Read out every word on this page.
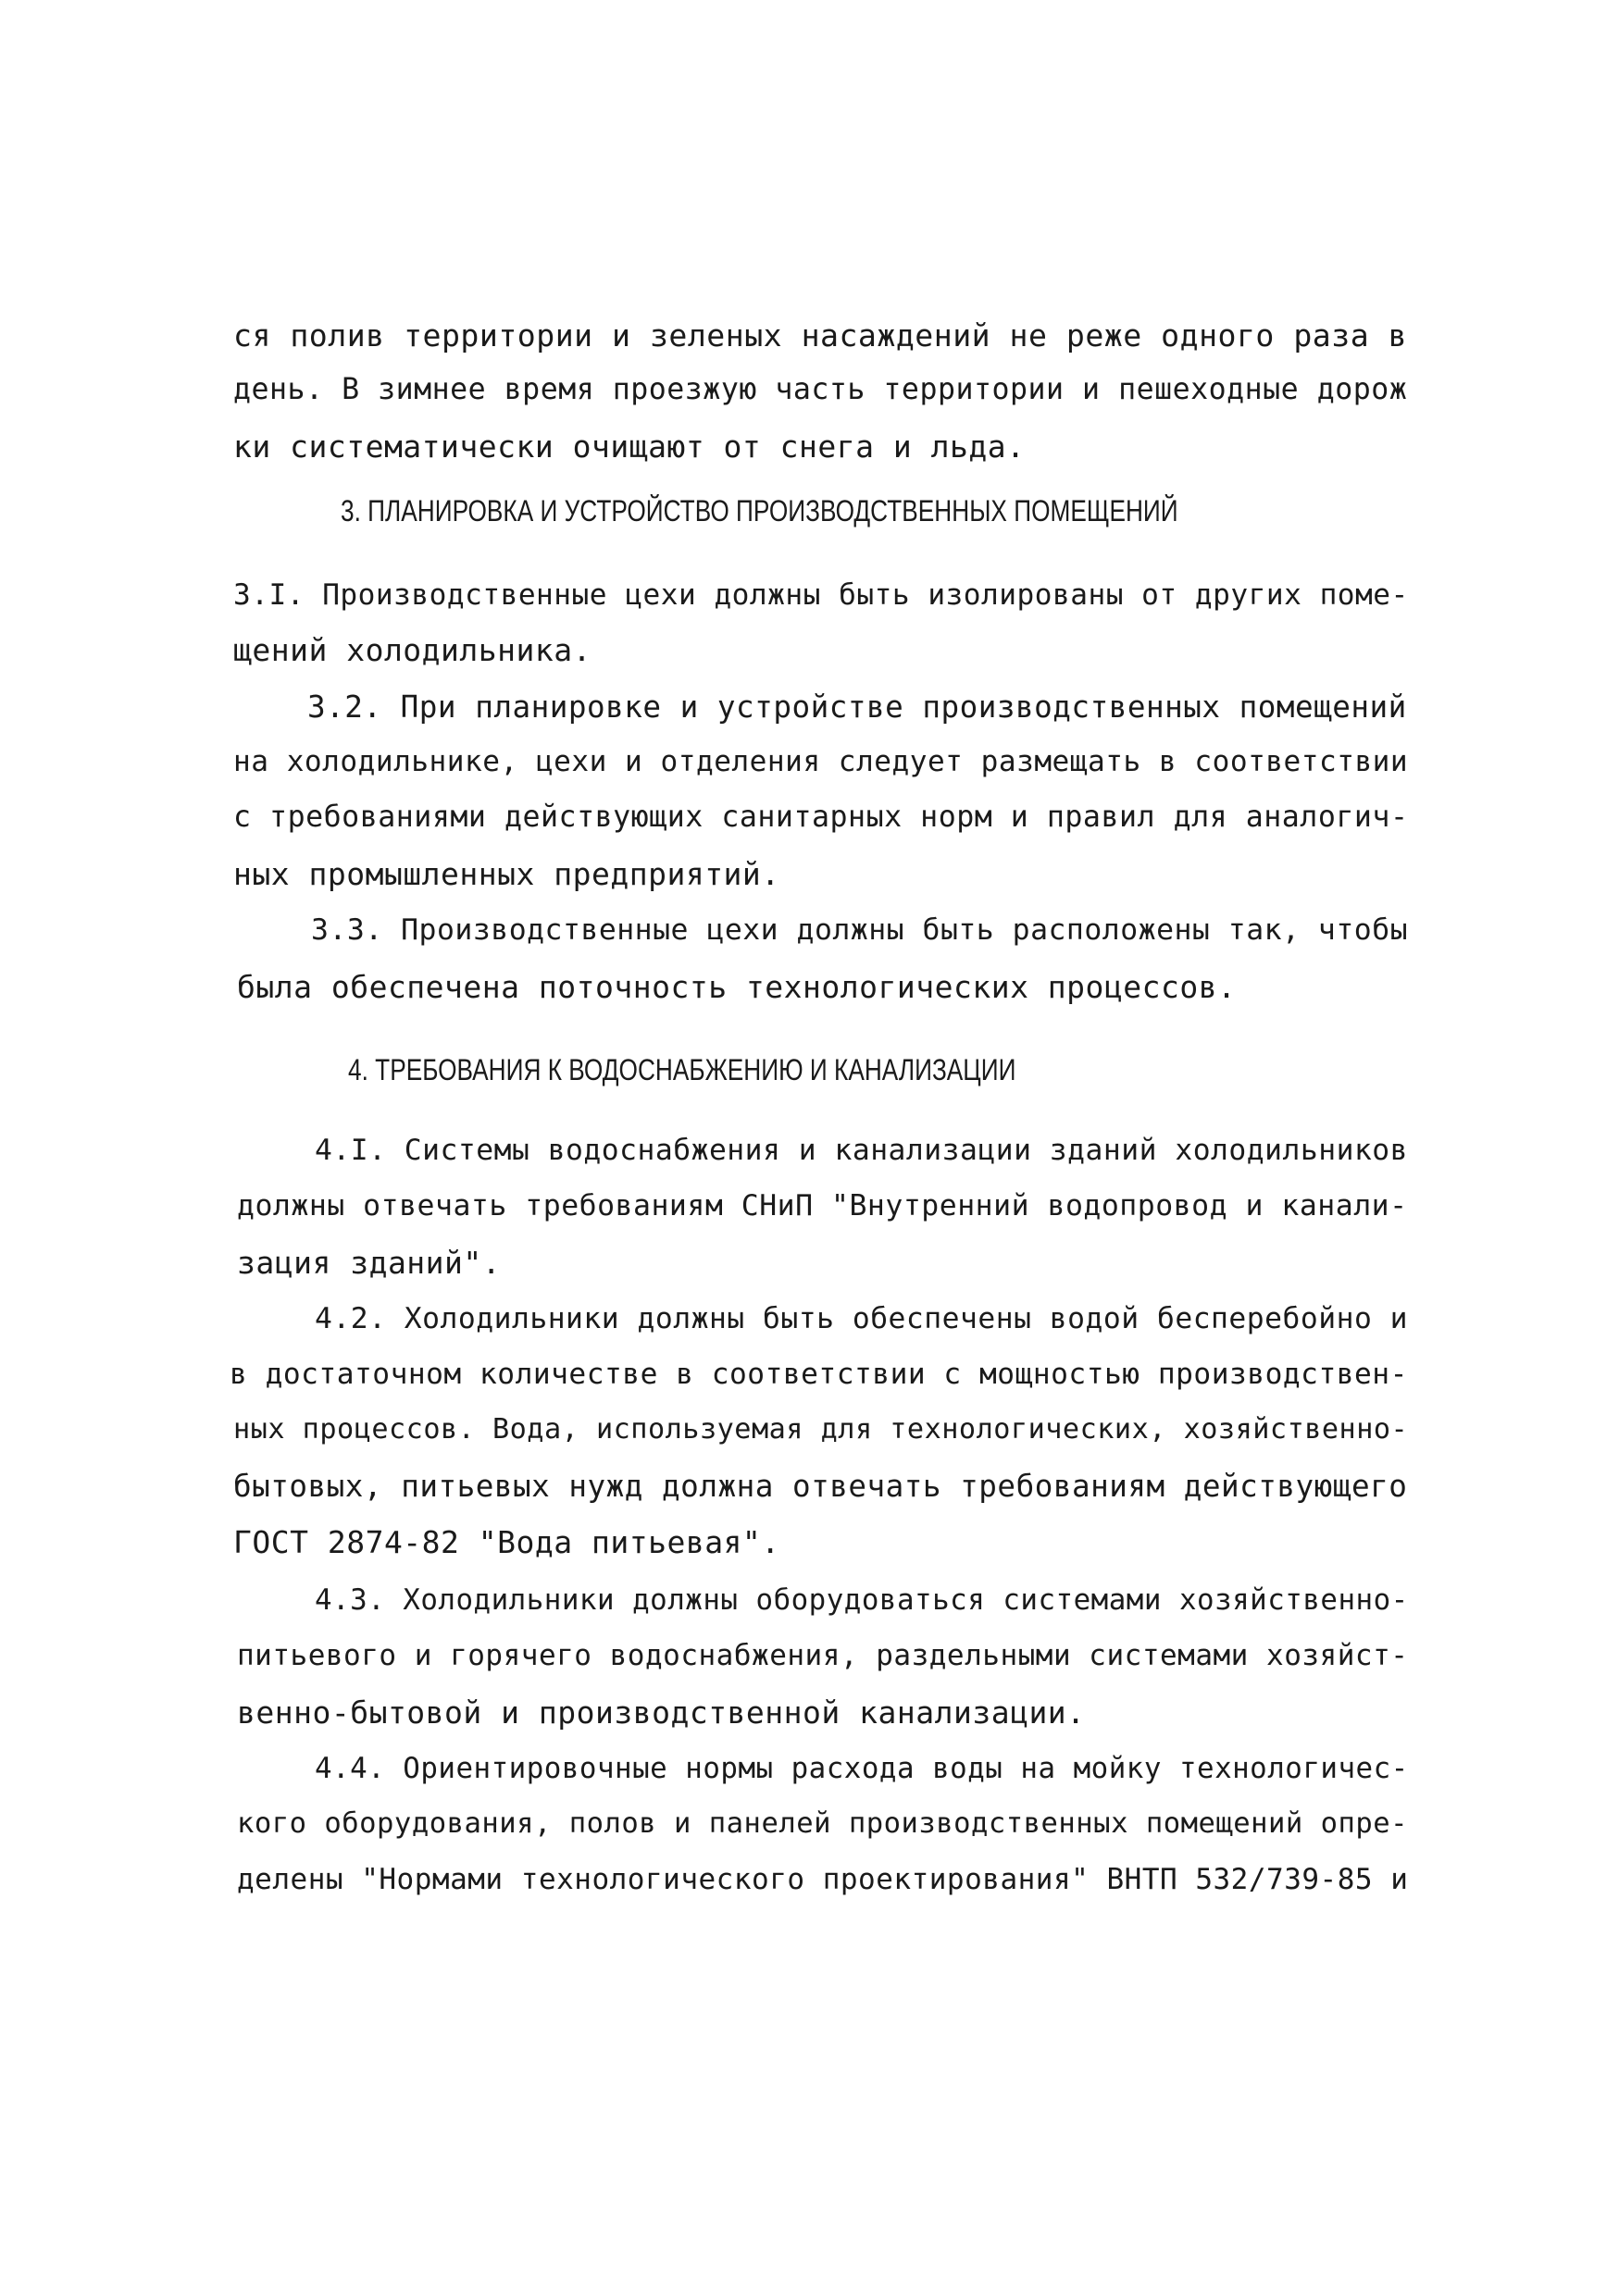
ся полив территории и зеленых насаждений не реже одного раза в
день. В зимнее время проезжую часть территории и пешеходные дорож
ки систематически очищают от снега и льда.
3. ПЛАНИРОВКА И УСТРОЙСТВО ПРОИЗВОДСТВЕННЫХ ПОМЕЩЕНИЙ
3.I. Производственные цехи должны быть изолированы от других поме-
щений холодильника.
3.2. При планировке и устройстве производственных помещений
на холодильнике, цехи и отделения следует размещать в соответствии
с требованиями действующих санитарных норм и правил для аналогич-
ных промышленных предприятий.
3.3. Производственные цехи должны быть расположены так, чтобы
была обеспечена поточность технологических процессов.
4. ТРЕБОВАНИЯ К ВОДОСНАБЖЕНИЮ И КАНАЛИЗАЦИИ
4.I. Системы водоснабжения и канализации зданий холодильников
должны отвечать требованиям СНиП "Внутренний водопровод и канали-
зация зданий".
4.2. Холодильники должны быть обеспечены водой бесперебойно и
в достаточном количестве в соответствии с мощностью производствен-
ных процессов. Вода, используемая для технологических, хозяйственно-
бытовых, питьевых нужд должна отвечать требованиям действующего
ГОСТ 2874-82 "Вода питьевая".
4.3. Холодильники должны оборудоваться системами хозяйственно-
питьевого и горячего водоснабжения, раздельными системами хозяйст-
венно-бытовой и производственной канализации.
4.4. Ориентировочные нормы расхода воды на мойку технологичес-
кого оборудования, полов и панелей производственных помещений опре-
делены "Нормами технологического проектирования" ВНТП 532/739-85 и
